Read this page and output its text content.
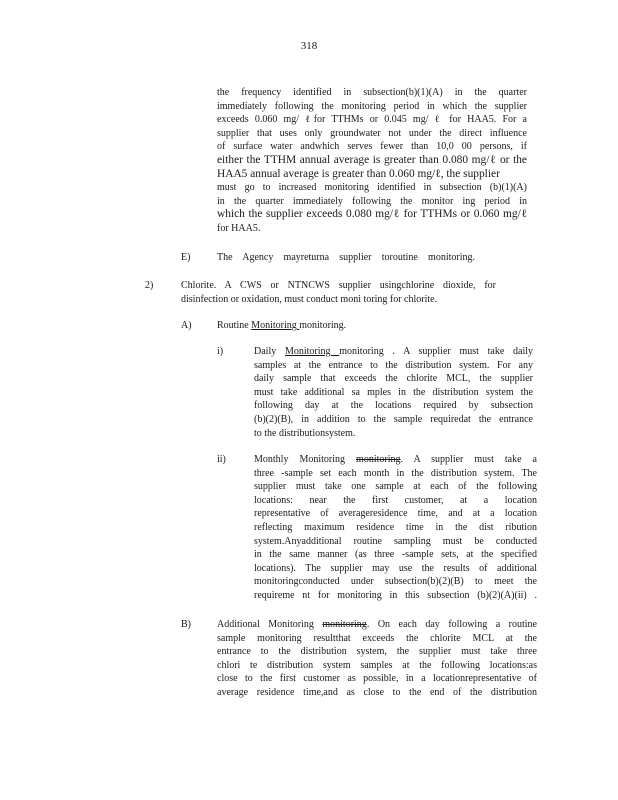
318
the frequency identified in subsection(b)(1)(A) in the quarter
immediately following the monitoring period in which the supplier
exceeds 0.060 mg/ ℓfor TTHMs or 0.045 mg/ ℓ for HAA5. For a
supplier that uses only groundwater not under the direct influence
of surface water andwhich serves fewer than 10,0 00 persons, if
either the TTHM annual average is greater than 0.080 mg/ℓ or the
HAA5 annual average is greater than 0.060 mg/ℓ, the supplier
must go to increased monitoring identified in subsection (b)(1)(A)
in the quarter immediately following the monitor ing period in
which the supplier exceeds 0.080 mg/ℓ for TTHMs or 0.060 mg/ℓ
for HAA5.
E)	The Agency mayreturna supplier toroutine monitoring.
2)	Chlorite. A CWS or NTNCWS supplier usingchlorine dioxide, for
disinfection or oxidation, must conduct moni toring for chlorite.
A)	Routine Monitoring monitoring.
i)	Daily Monitoring monitoring . A supplier must take daily
samples at the entrance to the distribution system. For any
daily sample that exceeds the chlorite MCL, the supplier
must take additional sa mples in the distribution system the
following day at the locations required by subsection
(b)(2)(B), in addition to the sample requiredat the entrance
to the distributionsystem.
ii)	Monthly Monitoring monitoring. A supplier must take a
three -sample set each month in the distribution system. The
supplier must take one sample at each of the following
locations: near the first customer, at a location
representative of averageresidence time, and at a location
reflecting maximum residence time in the dist ribution
system.Anyadditional routine sampling must be conducted
in the same manner (as three -sample sets, at the specified
locations). The supplier may use the results of additional
monitoringconducted under subsection(b)(2)(B) to meet the
requireme nt for monitoring in this subsection (b)(2)(A)(ii) .
B)	Additional Monitoring monitoring. On each day following a routine
sample monitoring resultthat exceeds the chlorite MCL at the
entrance to the distribution system, the supplier must take three
chlori te distribution system samples at the following locations:as
close to the first customer as possible, in a locationrepresentative of
average residence time,and as close to the end of the distribution
